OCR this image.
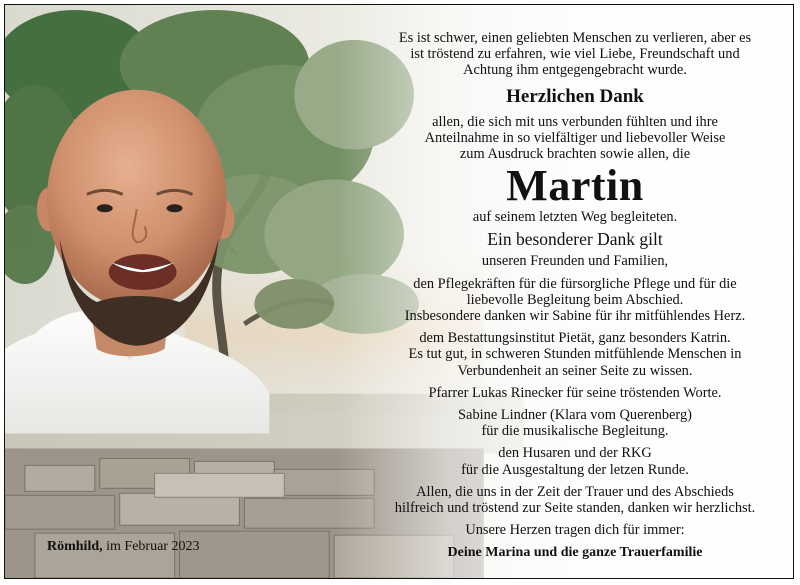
Es ist schwer, einen geliebten Menschen zu verlieren, aber es
ist tröstend zu erfahren, wie viel Liebe, Freundschaft und
Achtung ihm entgegengebracht wurde.
Herzlichen Dank
allen, die sich mit uns verbunden fühlten und ihre
Anteilnahme in so vielfältiger und liebevoller Weise
zum Ausdruck brachten sowie allen, die
Martin
auf seinem letzten Weg begleiteten.
Ein besonderer Dank gilt
unseren Freunden und Familien,
den Pflegekräften für die fürsorgliche Pflege und für die
liebevolle Begleitung beim Abschied.
Insbesondere danken wir Sabine für ihr mitfühlendes Herz.
dem Bestattungsinstitut Pietät, ganz besonders Katrin.
Es tut gut, in schweren Stunden mitfühlende Menschen in
Verbundenheit an seiner Seite zu wissen.
Pfarrer Lukas Rinecker für seine tröstenden Worte.
Sabine Lindner (Klara vom Querenberg)
für die musikalische Begleitung.
den Husaren und der RKG
für die Ausgestaltung der letzen Runde.
Allen, die uns in der Zeit der Trauer und des Abschieds
hilfreich und tröstend zur Seite standen, danken wir herzlichst.
Unsere Herzen tragen dich für immer:
Deine Marina und die ganze Trauerfamilie
Römhild, im Februar 2023
